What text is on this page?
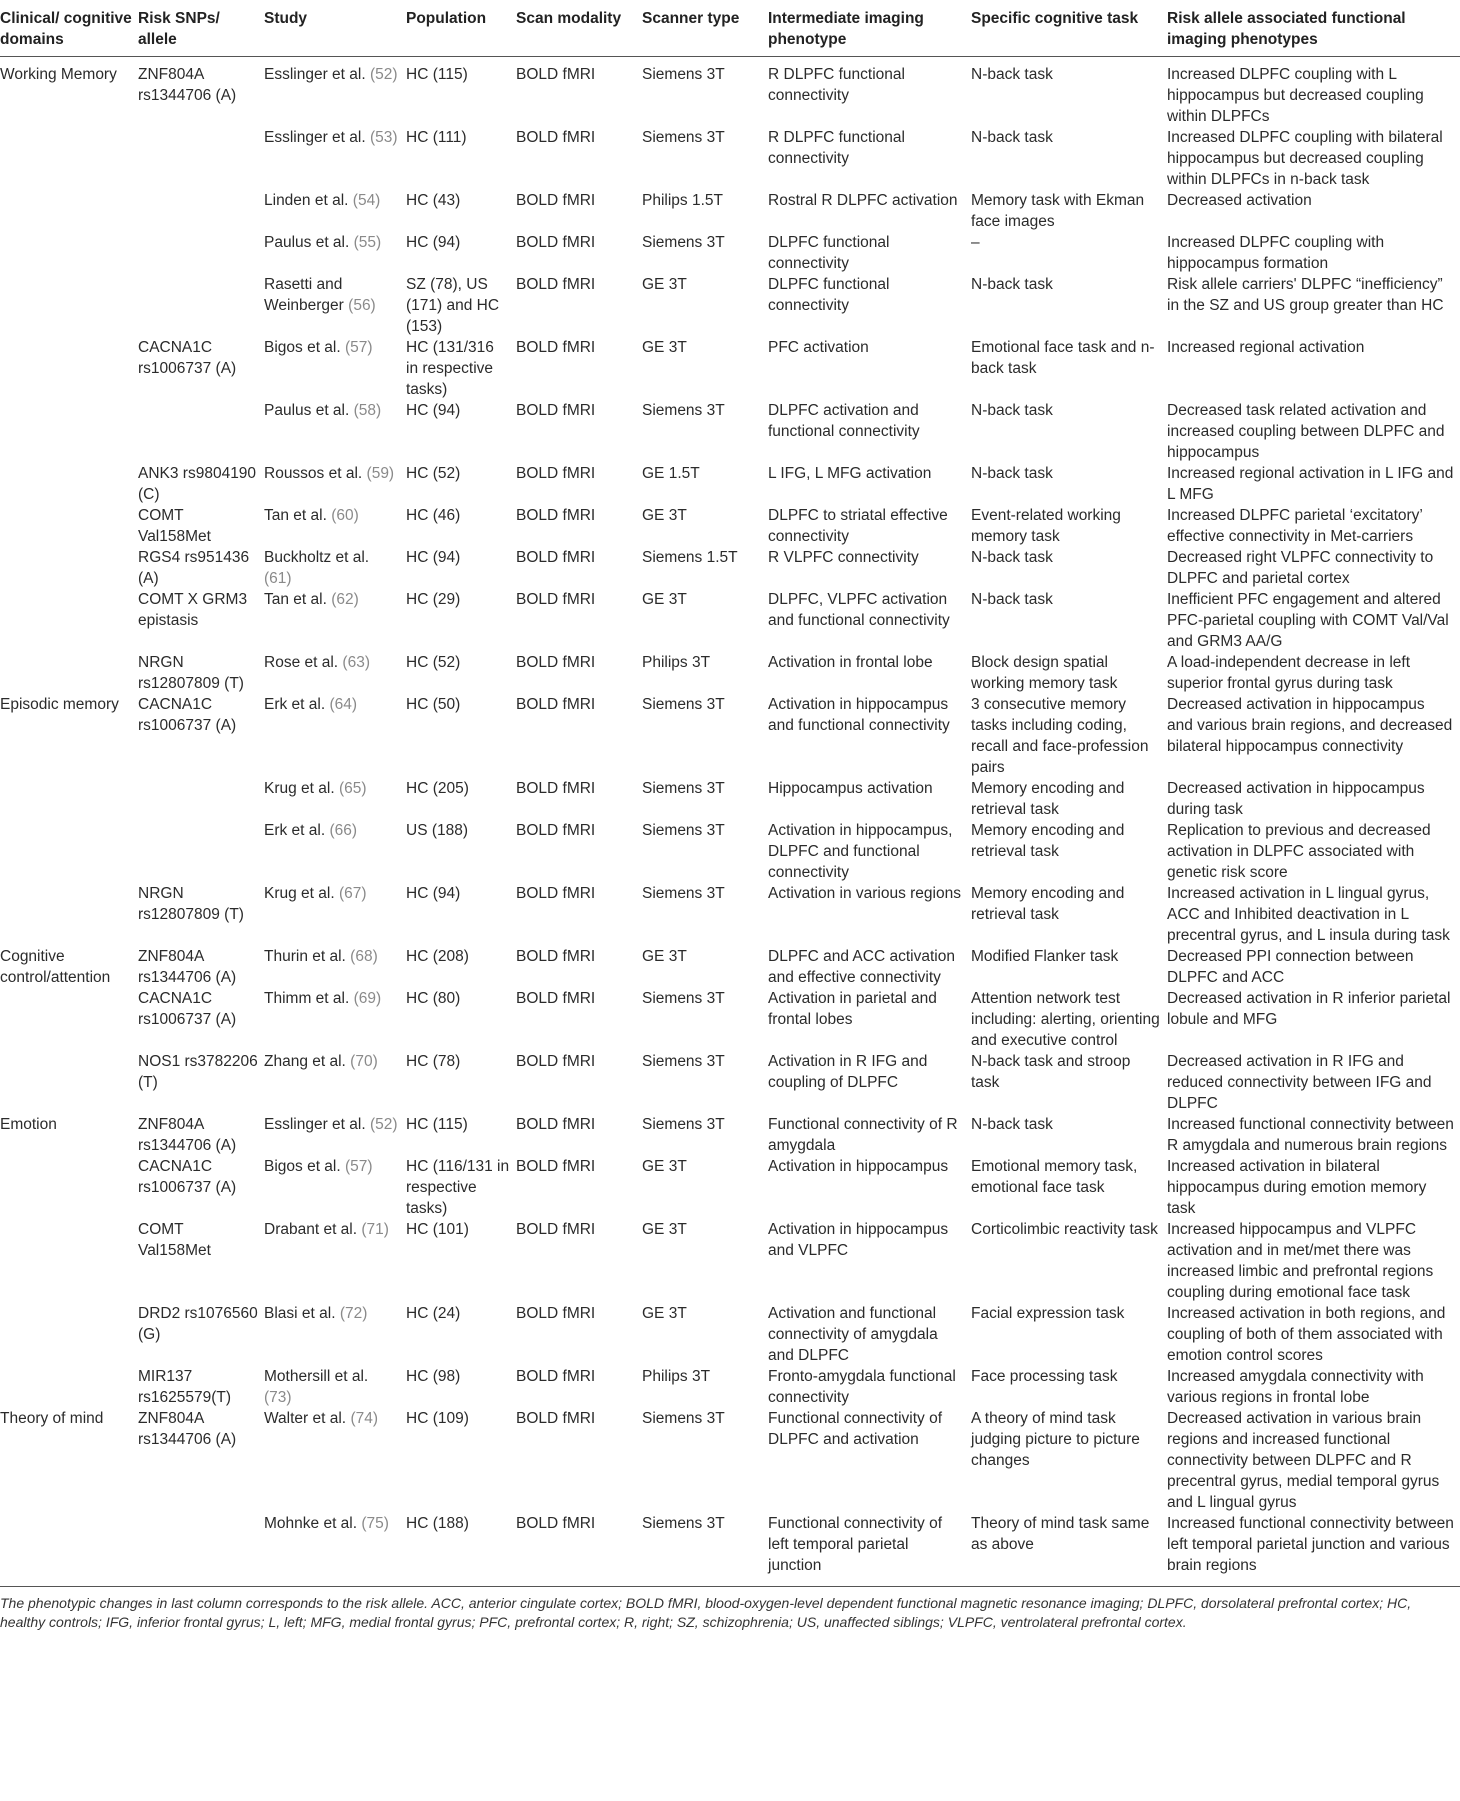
Clinical/ cognitive domains	Risk SNPs/ allele	Study	Population	Scan modality	Scanner type	Intermediate imaging phenotype	Specific cognitive task	Risk allele associated functional imaging phenotypes
Working Memory	ZNF804A rs1344706 (A)	Esslinger et al. (52)	HC (115)	BOLD fMRI	Siemens 3T	R DLPFC functional connectivity	N-back task	Increased DLPFC coupling with L hippocampus but decreased coupling within DLPFCs
		Esslinger et al. (53)	HC (111)	BOLD fMRI	Siemens 3T	R DLPFC functional connectivity	N-back task	Increased DLPFC coupling with bilateral hippocampus but decreased coupling within DLPFCs in n-back task
		Linden et al. (54)	HC (43)	BOLD fMRI	Philips 1.5T	Rostral R DLPFC activation	Memory task with Ekman face images	Decreased activation
		Paulus et al. (55)	HC (94)	BOLD fMRI	Siemens 3T	DLPFC functional connectivity	–	Increased DLPFC coupling with hippocampus formation
		Rasetti and Weinberger (56)	SZ (78), US (171) and HC (153)	BOLD fMRI	GE 3T	DLPFC functional connectivity	N-back task	Risk allele carriers' DLPFC “inefficiency” in the SZ and US group greater than HC
	CACNA1C rs1006737 (A)	Bigos et al. (57)	HC (131/316 in respective tasks)	BOLD fMRI	GE 3T	PFC activation	Emotional face task and n-back task	Increased regional activation
		Paulus et al. (58)	HC (94)	BOLD fMRI	Siemens 3T	DLPFC activation and functional connectivity	N-back task	Decreased task related activation and increased coupling between DLPFC and hippocampus
	ANK3 rs9804190 (C)	Roussos et al. (59)	HC (52)	BOLD fMRI	GE 1.5T	L IFG, L MFG activation	N-back task	Increased regional activation in L IFG and L MFG
	COMT Val158Met	Tan et al. (60)	HC (46)	BOLD fMRI	GE 3T	DLPFC to striatal effective connectivity	Event-related working memory task	Increased DLPFC parietal ‘excitatory’ effective connectivity in Met-carriers
	RGS4 rs951436 (A)	Buckholtz et al. (61)	HC (94)	BOLD fMRI	Siemens 1.5T	R VLPFC connectivity	N-back task	Decreased right VLPFC connectivity to DLPFC and parietal cortex
	COMT X GRM3 epistasis	Tan et al. (62)	HC (29)	BOLD fMRI	GE 3T	DLPFC, VLPFC activation and functional connectivity	N-back task	Inefficient PFC engagement and altered PFC-parietal coupling with COMT Val/Val and GRM3 AA/G
	NRGN rs12807809 (T)	Rose et al. (63)	HC (52)	BOLD fMRI	Philips 3T	Activation in frontal lobe	Block design spatial working memory task	A load-independent decrease in left superior frontal gyrus during task
Episodic memory	CACNA1C rs1006737 (A)	Erk et al. (64)	HC (50)	BOLD fMRI	Siemens 3T	Activation in hippocampus and functional connectivity	3 consecutive memory tasks including coding, recall and face-profession pairs	Decreased activation in hippocampus and various brain regions, and decreased bilateral hippocampus connectivity
		Krug et al. (65)	HC (205)	BOLD fMRI	Siemens 3T	Hippocampus activation	Memory encoding and retrieval task	Decreased activation in hippocampus during task
		Erk et al. (66)	US (188)	BOLD fMRI	Siemens 3T	Activation in hippocampus, DLPFC and functional connectivity	Memory encoding and retrieval task	Replication to previous and decreased activation in DLPFC associated with genetic risk score
	NRGN rs12807809 (T)	Krug et al. (67)	HC (94)	BOLD fMRI	Siemens 3T	Activation in various regions	Memory encoding and retrieval task	Increased activation in L lingual gyrus, ACC and Inhibited deactivation in L precentral gyrus, and L insula during task
Cognitive control/attention	ZNF804A rs1344706 (A)	Thurin et al. (68)	HC (208)	BOLD fMRI	GE 3T	DLPFC and ACC activation and effective connectivity	Modified Flanker task	Decreased PPI connection between DLPFC and ACC
	CACNA1C rs1006737 (A)	Thimm et al. (69)	HC (80)	BOLD fMRI	Siemens 3T	Activation in parietal and frontal lobes	Attention network test including: alerting, orienting and executive control	Decreased activation in R inferior parietal lobule and MFG
	NOS1 rs3782206 (T)	Zhang et al. (70)	HC (78)	BOLD fMRI	Siemens 3T	Activation in R IFG and coupling of DLPFC	N-back task and stroop task	Decreased activation in R IFG and reduced connectivity between IFG and DLPFC
Emotion	ZNF804A rs1344706 (A)	Esslinger et al. (52)	HC (115)	BOLD fMRI	Siemens 3T	Functional connectivity of R amygdala	N-back task	Increased functional connectivity between R amygdala and numerous brain regions
	CACNA1C rs1006737 (A)	Bigos et al. (57)	HC (116/131 in respective tasks)	BOLD fMRI	GE 3T	Activation in hippocampus	Emotional memory task, emotional face task	Increased activation in bilateral hippocampus during emotion memory task
	COMT Val158Met	Drabant et al. (71)	HC (101)	BOLD fMRI	GE 3T	Activation in hippocampus and VLPFC	Corticolimbic reactivity task	Increased hippocampus and VLPFC activation and in met/met there was increased limbic and prefrontal regions coupling during emotional face task
	DRD2 rs1076560 (G)	Blasi et al. (72)	HC (24)	BOLD fMRI	GE 3T	Activation and functional connectivity of amygdala and DLPFC	Facial expression task	Increased activation in both regions, and coupling of both of them associated with emotion control scores
	MIR137 rs1625579(T)	Mothersill et al. (73)	HC (98)	BOLD fMRI	Philips 3T	Fronto-amygdala functional connectivity	Face processing task	Increased amygdala connectivity with various regions in frontal lobe
Theory of mind	ZNF804A rs1344706 (A)	Walter et al. (74)	HC (109)	BOLD fMRI	Siemens 3T	Functional connectivity of DLPFC and activation	A theory of mind task judging picture to picture changes	Decreased activation in various brain regions and increased functional connectivity between DLPFC and R precentral gyrus, medial temporal gyrus and L lingual gyrus
		Mohnke et al. (75)	HC (188)	BOLD fMRI	Siemens 3T	Functional connectivity of left temporal parietal junction	Theory of mind task same as above	Increased functional connectivity between left temporal parietal junction and various brain regions
The phenotypic changes in last column corresponds to the risk allele. ACC, anterior cingulate cortex; BOLD fMRI, blood-oxygen-level dependent functional magnetic resonance imaging; DLPFC, dorsolateral prefrontal cortex; HC, healthy controls; IFG, inferior frontal gyrus; L, left; MFG, medial frontal gyrus; PFC, prefrontal cortex; R, right; SZ, schizophrenia; US, unaffected siblings; VLPFC, ventrolateral prefrontal cortex.
